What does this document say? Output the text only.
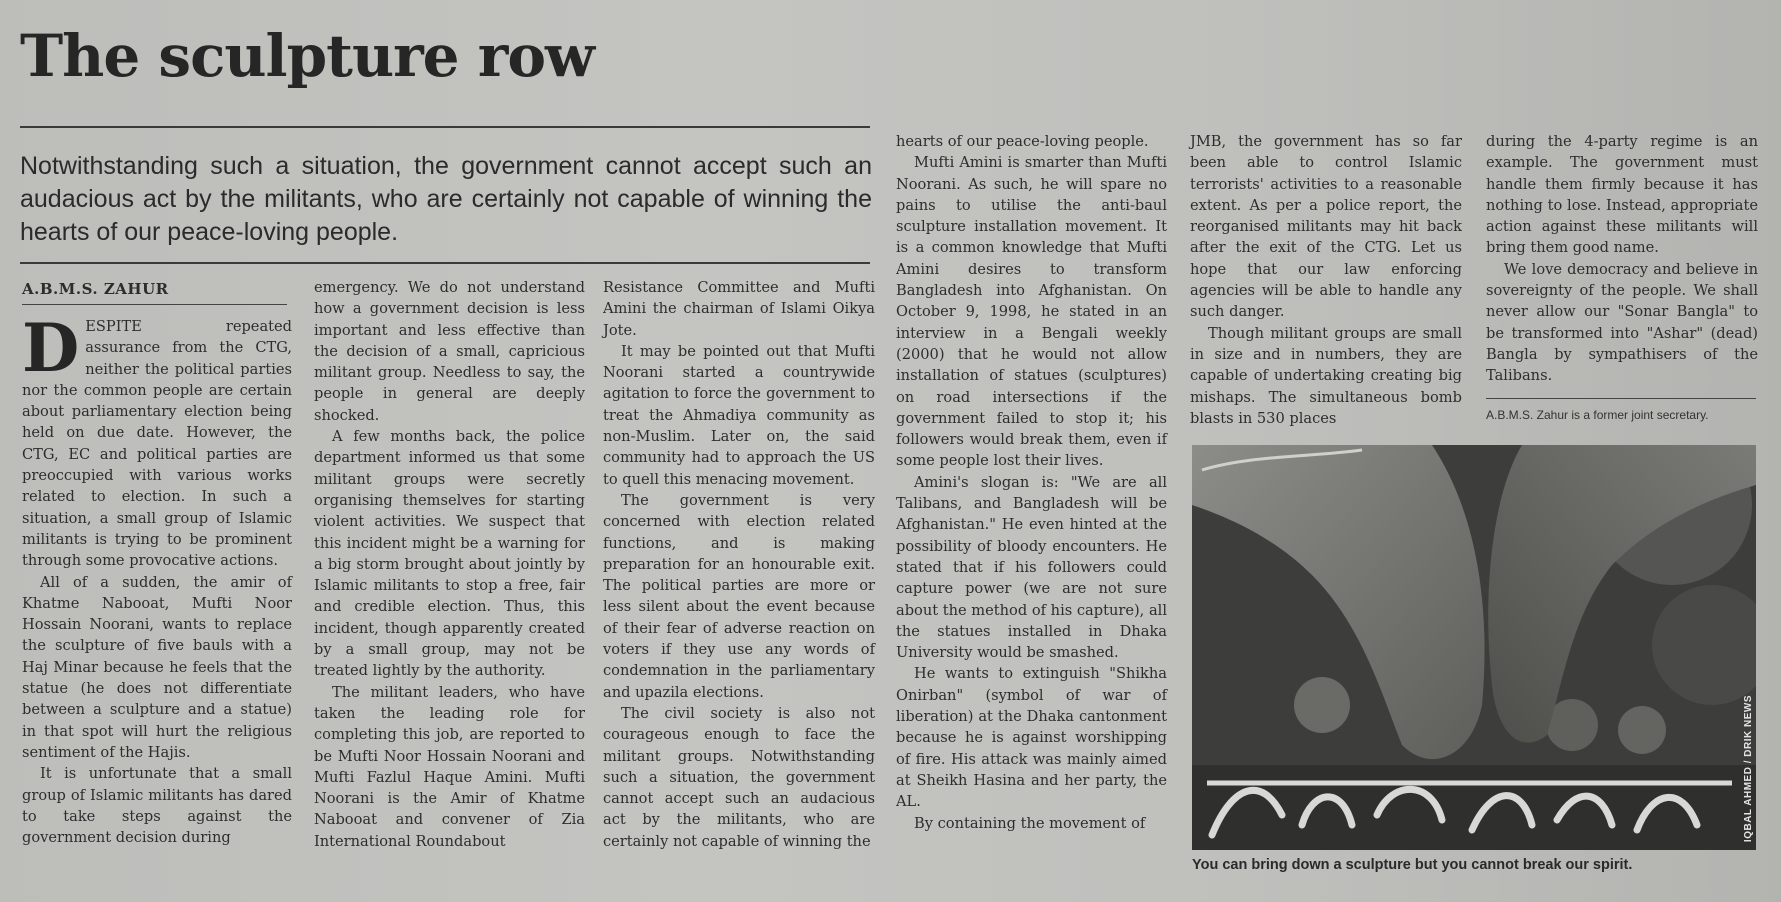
The sculpture row

Notwithstanding such a situation, the government cannot accept such an audacious act by the militants, who are certainly not capable of winning the hearts of our peace-loving people.

A.B.M.S. ZAHUR

DESPITE repeated assurance from the CTG, neither the political parties nor the common people are certain about parliamentary election being held on due date. However, the CTG, EC and political parties are preoccupied with various works related to election. In such a situation, a small group of Islamic militants is trying to be prominent through some provocative actions.

All of a sudden, the amir of Khatme Nabooat, Mufti Noor Hossain Noorani, wants to replace the sculpture of five bauls with a Haj Minar because he feels that the statue (he does not differentiate between a sculpture and a statue) in that spot will hurt the religious sentiment of the Hajis.

It is unfortunate that a small group of Islamic militants has dared to take steps against the government decision during

emergency. We do not understand how a government decision is less important and less effective than the decision of a small, capricious militant group. Needless to say, the people in general are deeply shocked.

A few months back, the police department informed us that some militant groups were secretly organising themselves for starting violent activities. We suspect that this incident might be a warning for a big storm brought about jointly by Islamic militants to stop a free, fair and credible election. Thus, this incident, though apparently created by a small group, may not be treated lightly by the authority.

The militant leaders, who have taken the leading role for completing this job, are reported to be Mufti Noor Hossain Noorani and Mufti Fazlul Haque Amini. Mufti Noorani is the Amir of Khatme Nabooat and convener of Zia International Roundabout

Resistance Committee and Mufti Amini the chairman of Islami Oikya Jote.

It may be pointed out that Mufti Noorani started a countrywide agitation to force the government to treat the Ahmadiya community as non-Muslim. Later on, the said community had to approach the US to quell this menacing movement.

The government is very concerned with election related functions, and is making preparation for an honourable exit. The political parties are more or less silent about the event because of their fear of adverse reaction on voters if they use any words of condemnation in the parliamentary and upazila elections.

The civil society is also not courageous enough to face the militant groups. Notwithstanding such a situation, the government cannot accept such an audacious act by the militants, who are certainly not capable of winning the

hearts of our peace-loving people.

Mufti Amini is smarter than Mufti Noorani. As such, he will spare no pains to utilise the anti-baul sculpture installation movement. It is a common knowledge that Mufti Amini desires to transform Bangladesh into Afghanistan. On October 9, 1998, he stated in an interview in a Bengali weekly (2000) that he would not allow installation of statues (sculptures) on road intersections if the government failed to stop it; his followers would break them, even if some people lost their lives.

Amini's slogan is: "We are all Talibans, and Bangladesh will be Afghanistan." He even hinted at the possibility of bloody encounters. He stated that if his followers could capture power (we are not sure about the method of his capture), all the statues installed in Dhaka University would be smashed.

He wants to extinguish "Shikha Onirban" (symbol of war of liberation) at the Dhaka cantonment because he is against worshipping of fire. His attack was mainly aimed at Sheikh Hasina and her party, the AL.

By containing the movement of

JMB, the government has so far been able to control Islamic terrorists' activities to a reasonable extent. As per a police report, the reorganised militants may hit back after the exit of the CTG. Let us hope that our law enforcing agencies will be able to handle any such danger.

Though militant groups are small in size and in numbers, they are capable of undertaking creating big mishaps. The simultaneous bomb blasts in 530 places

during the 4-party regime is an example. The government must handle them firmly because it has nothing to lose. Instead, appropriate action against these militants will bring them good name.

We love democracy and believe in sovereignty of the people. We shall never allow our "Sonar Bangla" to be transformed into "Ashar" (dead) Bangla by sympathisers of the Talibans.

A.B.M.S. Zahur is a former joint secretary.
IQBAL AHMED / DRIK NEWS
You can bring down a sculpture but you cannot break our spirit.
